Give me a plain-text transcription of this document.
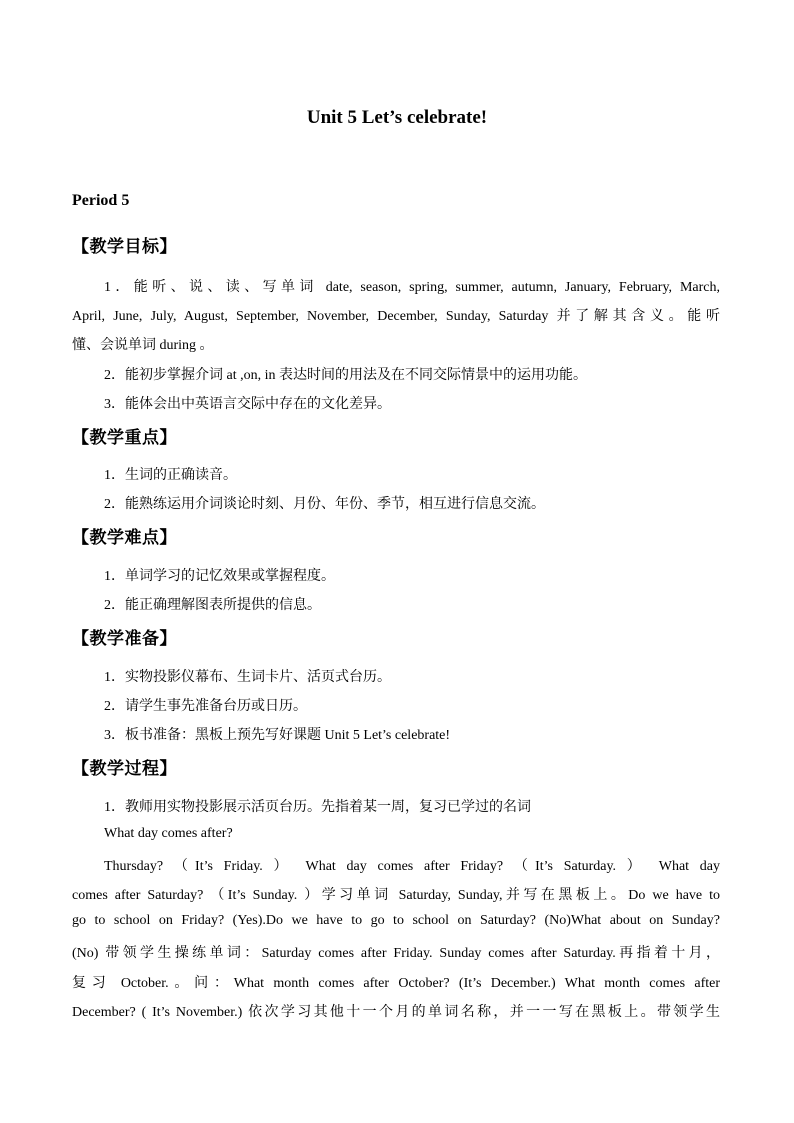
Unit 5 Let’s celebrate!
Period 5
【教学目标】
1．能听、说、读、写单词 date, season, spring, summer, autumn, January, February, March,
April, June, July, August, September, November, December, Sunday, Saturday 并了解其含义。能听
懂、会说单词 during 。
2．能初步掌握介词 at ,on, in 表达时间的用法及在不同交际情景中的运用功能。
3．能体会出中英语言交际中存在的文化差异。
【教学重点】
1．生词的正确读音。
2．能熟练运用介词谈论时刻、月份、年份、季节，相互进行信息交流。
【教学难点】
1．单词学习的记忆效果或掌握程度。
2．能正确理解图表所提供的信息。
【教学准备】
1．实物投影仪幕布、生词卡片、活页式台历。
2．请学生事先准备台历或日历。
3．板书准备：黑板上预先写好课题 Unit 5 Let’s celebrate!
【教学过程】
1．教师用实物投影展示活页台历。先指着某一周，复习已学过的名词
What day comes after?
Thursday? （It’s Friday. ） What day comes after Friday? （It’s Saturday. ） What day
comes after Saturday? （It’s Sunday. ）学习单词 Saturday, Sunday,并写在黑板上。Do we have to
go to school on Friday? (Yes).Do we have to go to school on Saturday? (No)What about on Sunday?
(No) 带领学生操练单词：Saturday comes after Friday. Sunday comes after Saturday.再指着十月，
复习 October.。问：What month comes after October? (It’s December.) What month comes after
December? ( It’s November.) 依次学习其他十一个月的单词名称，并一一写在黑板上。带领学生
